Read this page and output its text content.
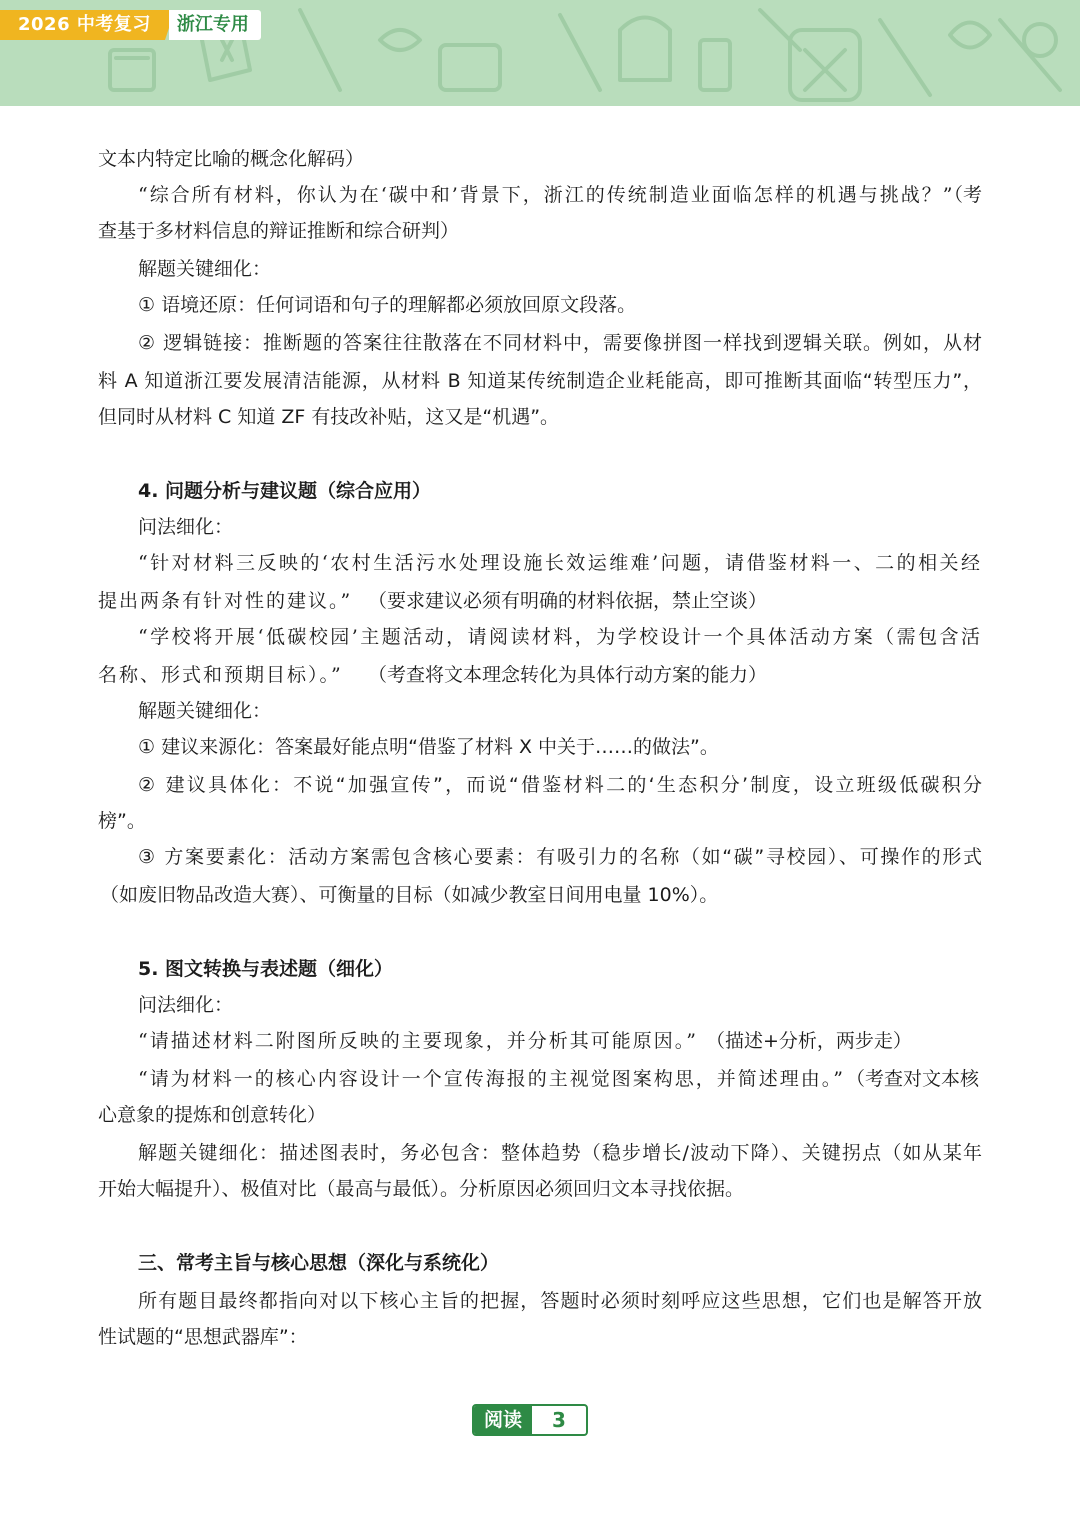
2026 中考复习	浙江专用
文本内特定比喻的概念化解码）
“综合所有材料，你认为在‘碳中和’背景下，浙江的传统制造业面临怎样的机遇与挑战？”
（考
查基于多材料信息的辩证推断和综合研判）
解题关键细化：
① 语境还原：任何词语和句子的理解都必须放回原文段落。
② 逻辑链接：推断题的答案往往散落在不同材料中，需要像拼图一样找到逻辑关联。例如，从材
料 A 知道浙江要发展清洁能源，从材料 B 知道某传统制造企业耗能高，即可推断其面临“转型压力”，
但同时从材料 C 知道 ZF 有技改补贴，这又是“机遇”。
4. 问题分析与建议题（综合应用）
问法细化：
“针对材料三反映的‘农村生活污水处理设施长效运维难’问题，请借鉴材料一、二的相关经
提出两条有针对性的建议。” （要求建议必须有明确的材料依据，禁止空谈）
“学校将开展‘低碳校园’主题活动，请阅读材料，为学校设计一个具体活动方案（需包含活
名称、形式和预期目标）。”	（考查将文本理念转化为具体行动方案的能力）
解题关键细化：
① 建议来源化：答案最好能点明“借鉴了材料 X 中关于……的做法”。
② 建议具体化：不说“加强宣传”，而说“借鉴材料二的‘生态积分’制度，设立班级低碳积分
榜”。
③ 方案要素化：活动方案需包含核心要素：有吸引力的名称（如“碳”寻校园）、可操作的形式
（如废旧物品改造大赛）、可衡量的目标（如减少教室日间用电量 10%）。
5. 图文转换与表述题（细化）
问法细化：
“请描述材料二附图所反映的主要现象，并分析其可能原因。” （描述+分析，两步走）
“请为材料一的核心内容设计一个宣传海报的主视觉图案构思，并简述理由。” （考查对文本核
心意象的提炼和创意转化）
解题关键细化：描述图表时，务必包含：整体趋势（稳步增长/波动下降）、关键拐点（如从某年
开始大幅提升）、极值对比（最高与最低）。分析原因必须回归文本寻找依据。
三、常考主旨与核心思想（深化与系统化）
所有题目最终都指向对以下核心主旨的把握，答题时必须时刻呼应这些思想，它们也是解答开放
性试题的“思想武器库”：
阅读	3
